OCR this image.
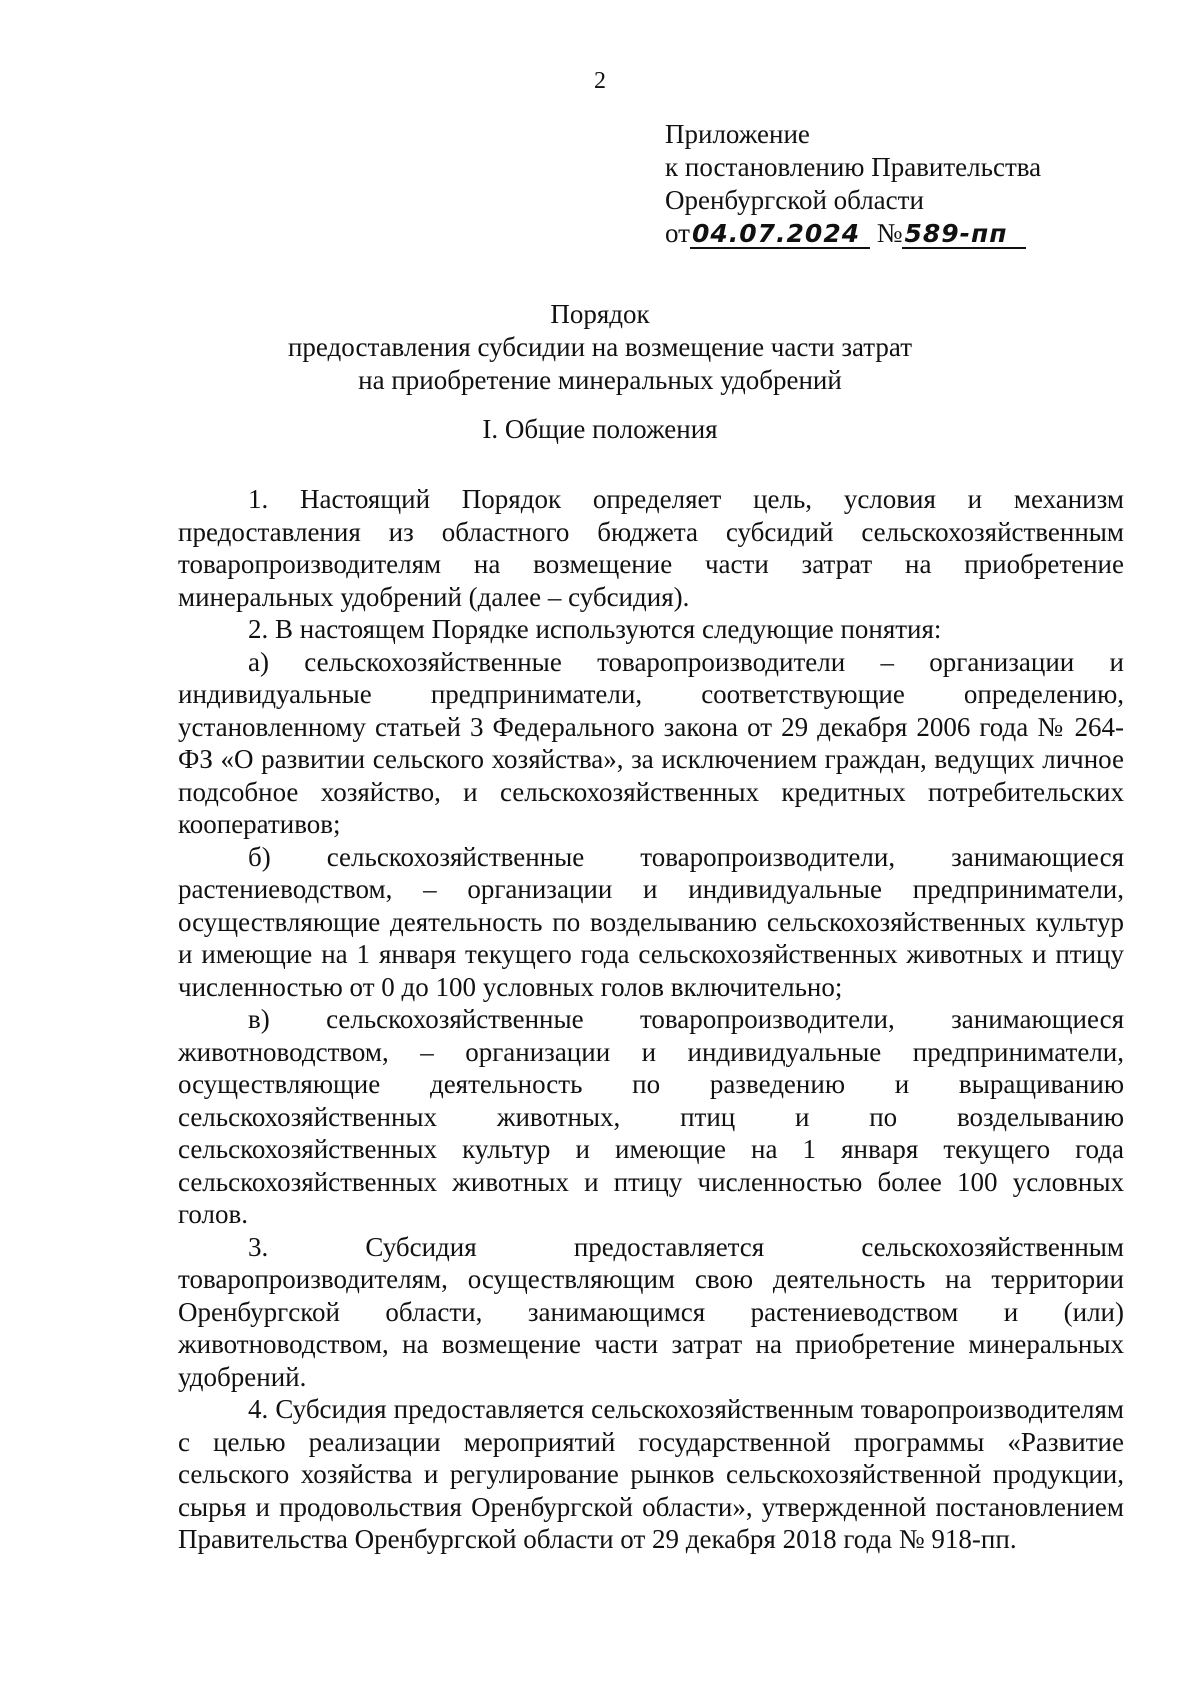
2
Приложение
к постановлению Правительства
Оренбургской области
от04.07.2024 №589-пп
Порядок
предоставления субсидии на возмещение части затрат
на приобретение минеральных удобрений
I. Общие положения

1. Настоящий Порядок определяет цель, условия и механизм предоставления из областного бюджета субсидий сельскохозяйственным товаропроизводителям на возмещение части затрат на приобретение минеральных удобрений (далее – субсидия).

2. В настоящем Порядке используются следующие понятия:

а) сельскохозяйственные товаропроизводители – организации и индивидуальные предприниматели, соответствующие определению, установленному статьей 3 Федерального закона от 29 декабря 2006 года № 264-ФЗ «О развитии сельского хозяйства», за исключением граждан, ведущих личное подсобное хозяйство, и сельскохозяйственных кредитных потребительских кооперативов;

б) сельскохозяйственные товаропроизводители, занимающиеся растениеводством, – организации и индивидуальные предприниматели, осуществляющие деятельность по возделыванию сельскохозяйственных культур и имеющие на 1 января текущего года сельскохозяйственных животных и птицу численностью от 0 до 100 условных голов включительно;

в) сельскохозяйственные товаропроизводители, занимающиеся животноводством, – организации и индивидуальные предприниматели, осуществляющие деятельность по разведению и выращиванию сельскохозяйственных животных, птиц и по возделыванию сельскохозяйственных культур и имеющие на 1 января текущего года сельскохозяйственных животных и птицу численностью более 100 условных голов.

3. Субсидия предоставляется сельскохозяйственным товаропроизводителям, осуществляющим свою деятельность на территории Оренбургской области, занимающимся растениеводством и (или) животноводством, на возмещение части затрат на приобретение минеральных удобрений.

4. Субсидия предоставляется сельскохозяйственным товаропроизводителям с целью реализации мероприятий государственной программы «Развитие сельского хозяйства и регулирование рынков сельскохозяйственной продукции, сырья и продовольствия Оренбургской области», утвержденной постановлением Правительства Оренбургской области от 29 декабря 2018 года № 918-пп.
